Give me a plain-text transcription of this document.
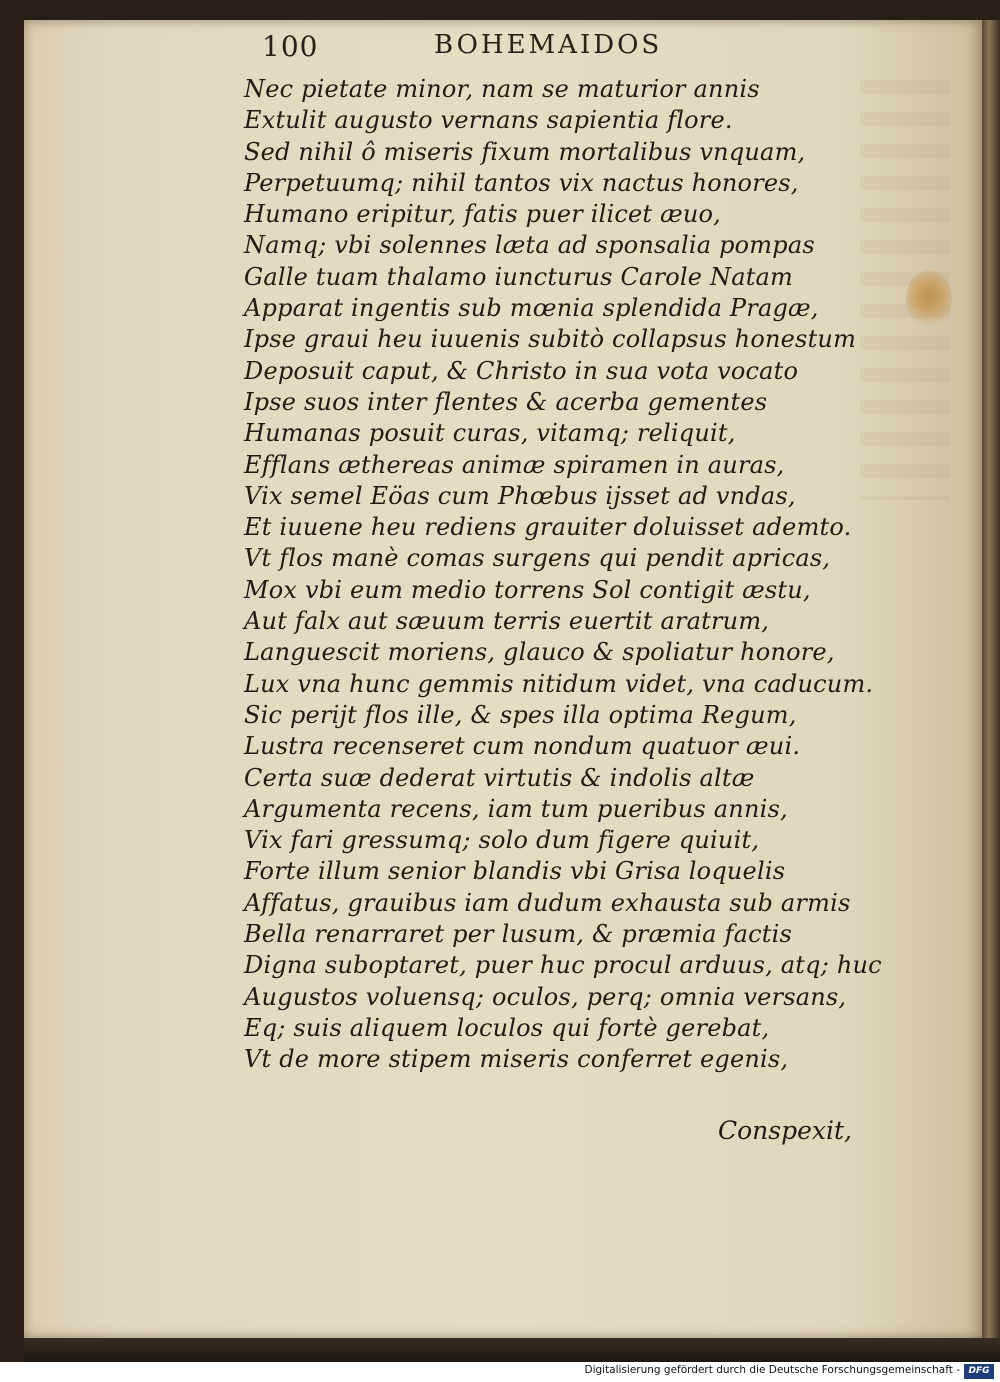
100	BOHEMAIDOS
Nec pietate minor, nam se maturior annis
Extulit augusto vernans sapientia flore.
Sed nihil ô miseris fixum mortalibus vnquam,
Perpetuumq; nihil tantos vix nactus honores,
Humano eripitur, fatis puer ilicet æuo,
Namq; vbi solennes læta ad sponsalia pompas
Galle tuam thalamo iuncturus Carole Natam
Apparat ingentis sub mœnia splendida Pragæ,
Ipse graui heu iuuenis subitò collapsus honestum
Deposuit caput, & Christo in sua vota vocato
Ipse suos inter flentes & acerba gementes
Humanas posuit curas, vitamq; reliquit,
Efflans æthereas animæ spiramen in auras,
Vix semel Eöas cum Phœbus ijsset ad vndas,
Et iuuene heu rediens grauiter doluisset ademto.
Vt flos manè comas surgens qui pendit apricas,
Mox vbi eum medio torrens Sol contigit æstu,
Aut falx aut sæuum terris euertit aratrum,
Languescit moriens, glauco & spoliatur honore,
Lux vna hunc gemmis nitidum videt, vna caducum.
Sic perijt flos ille, & spes illa optima Regum,
Lustra recenseret cum nondum quatuor æui.
Certa suæ dederat virtutis & indolis altæ
Argumenta recens, iam tum pueribus annis,
Vix fari gressumq; solo dum figere quiuit,
Forte illum senior blandis vbi Grisa loquelis
Affatus, grauibus iam dudum exhausta sub armis
Bella renarraret per lusum, & præmia factis
Digna suboptaret, puer huc procul arduus, atq; huc
Augustos voluensq; oculos, perq; omnia versans,
Eq; suis aliquem loculos qui fortè gerebat,
Vt de more stipem miseris conferret egenis,
Conspexit,
Digitalisierung gefördert durch die Deutsche Forschungsgemeinschaft - DFG
